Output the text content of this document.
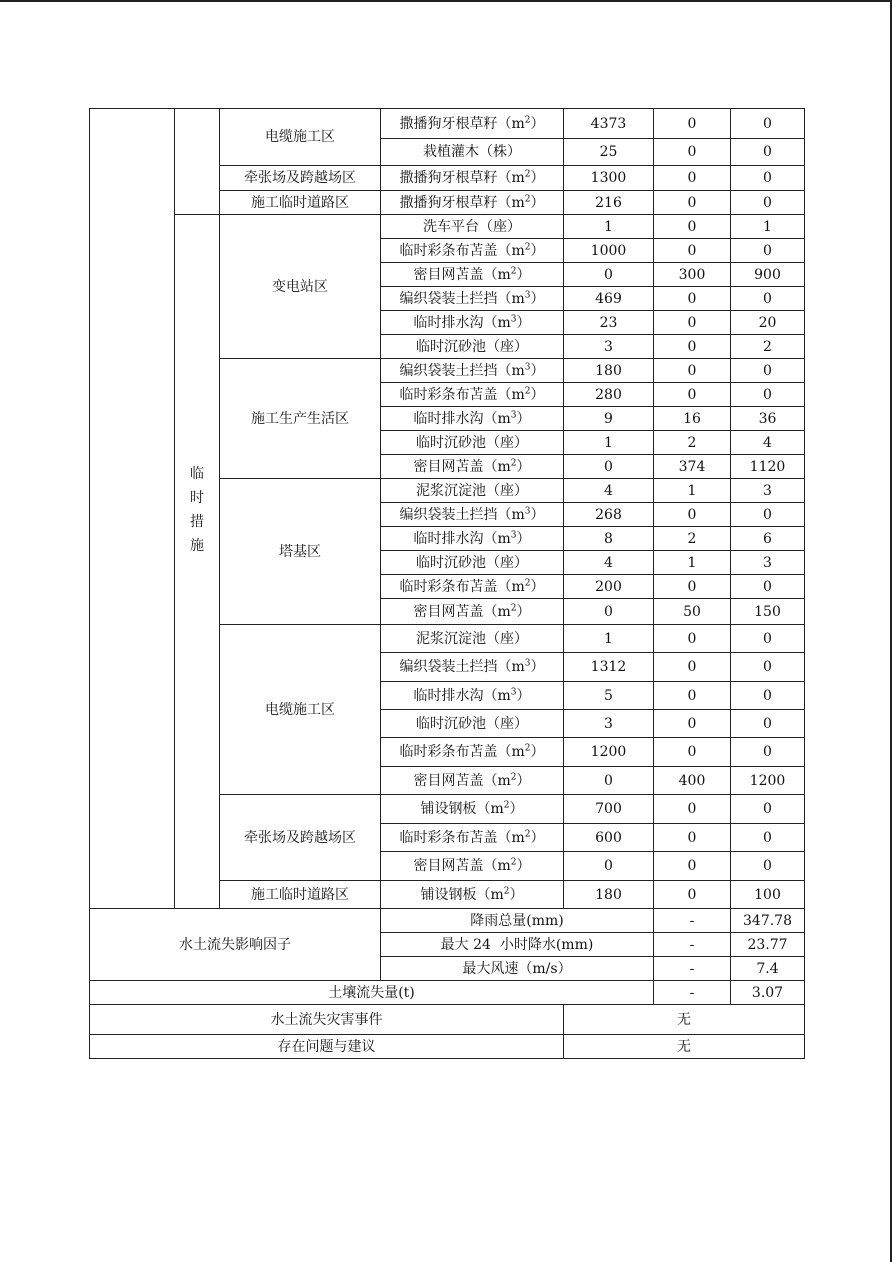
		电缆施工区	撒播狗牙根草籽$(m^2)$	4373	0	0	
			栽植灌木（株）	25	0	0	
		牵张场及跨越场区	撒播狗牙根草籽$(m^2)$	1300	0	0	
		施工临时道路区	撒播狗牙根草籽$(m^2)$	216	0	0	
	临时措施	变电站区	洗车平台（座）	1	0	1	
			临时彩条布苫盖$(m^2)$	1000	0	0	
			密目网苫盖$(m^2)$	0	300	900	
			编织袋装土拦挡$(m^3)$	469	0	0	
			临时排水沟$(m^3)$	23	0	20	
			临时沉砂池（座）	3	0	2	
		施工生产生活区	编织袋装土拦挡$(m^3)$	180	0	0	
			临时彩条布苫盖$(m^2)$	280	0	0	
			临时排水沟$(m^3)$	9	16	36	
			临时沉砂池（座）	1	2	4	
			密目网苫盖$(m^2)$	0	374	1120	
		塔基区	泥浆沉淀池（座）	4	1	3	
			编织袋装土拦挡$(m^3)$	268	0	0	
			临时排水沟$(m^3)$	8	2	6	
			临时沉砂池（座）	4	1	3	
			临时彩条布苫盖$(m^2)$	200	0	0	
			密目网苫盖$(m^2)$	0	50	150	
		电缆施工区	泥浆沉淀池（座）	1	0	0	
			编织袋装土拦挡$(m^3)$	1312	0	0	
			临时排水沟$(m^3)$	5	0	0	
			临时沉砂池（座）	3	0	0	
			临时彩条布苫盖$(m^2)$	1200	0	0	
			密目网苫盖$(m^2)$	0	400	1200	
		牵张场及跨越场区	铺设钢板$(m^2)$	700	0	0	
			临时彩条布苫盖$(m^2)$	600	0	0	
			密目网苫盖$(m^2)$	0	0	0	
		施工临时道路区	铺设钢板$(m^2)$	180	0	100	
水土流失影响因子			降雨总量(mm)		-	347.78	
			最大 24  小时降水(mm)		-	23.77	
			最大风速（m/s）		-	7.4	
土壤流失量(t)					-	3.07	
水土流失灾害事件				无			
存在问题与建议				无			
